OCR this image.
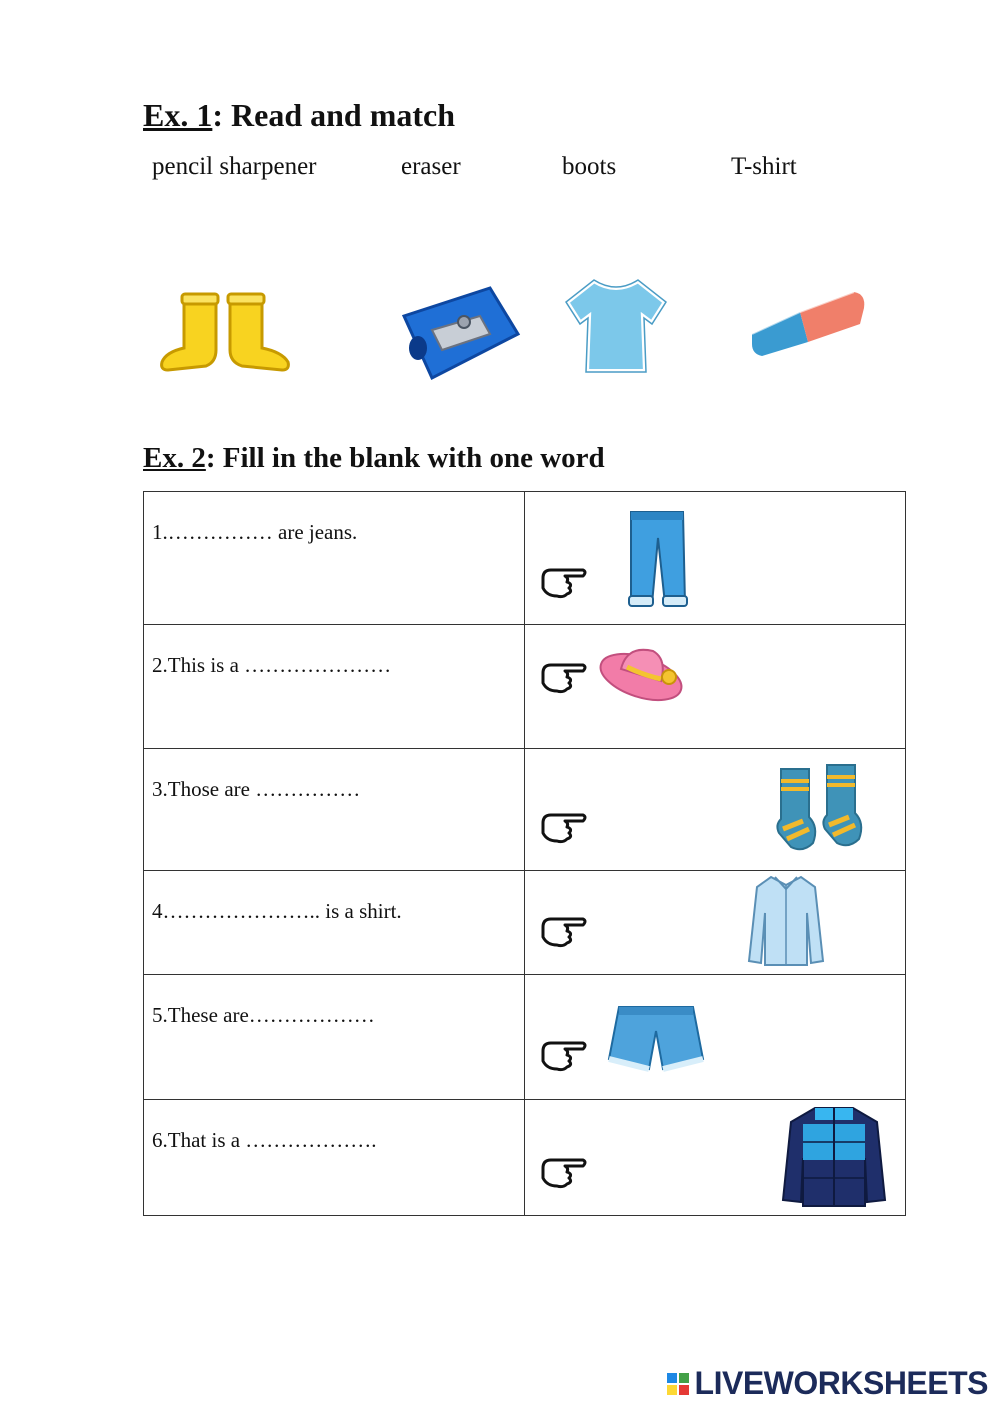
Ex. 1: Read and match
pencil sharpener	eraser	boots	T-shirt
Ex. 2: Fill in the blank with one word
1.…………… are jeans.

2.This is a …………………

3.Those are ……………

4………………….. is a shirt.

5.These are………………

6.That is a ……………….

LIVEWORKSHEETS
